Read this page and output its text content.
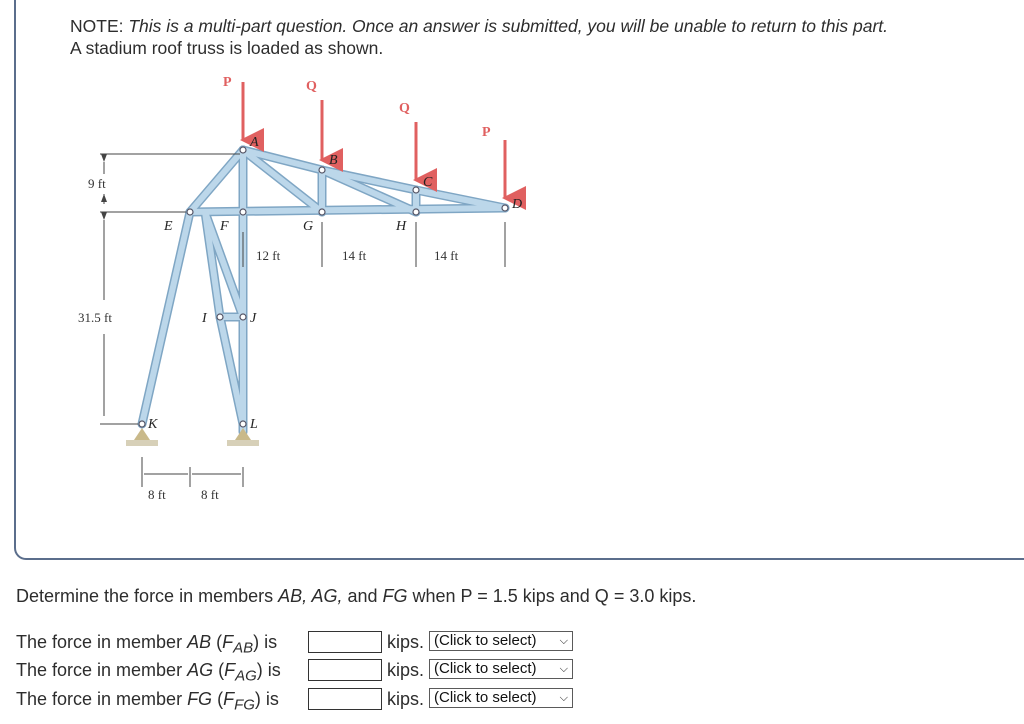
NOTE: This is a multi-part question. Once an answer is submitted, you will be unable to return to this part.
A stadium roof truss is loaded as shown.
P	Q
Q
P
A
B
C
D
E	F	G	H
I	J
K	L
9 ft
31.5 ft
12 ft	14 ft	14 ft
8 ft	8 ft
Determine the force in members AB, AG, and FG when P = 1.5 kips and Q = 3.0 kips.
The force in member AB $(F_{AB})$ is	kips. (Click to select) ⌵
The force in member AG $(F_{AG})$ is	kips. (Click to select) ⌵
The force in member FG $(F_{FG})$ is	kips. (Click to select) ⌵
